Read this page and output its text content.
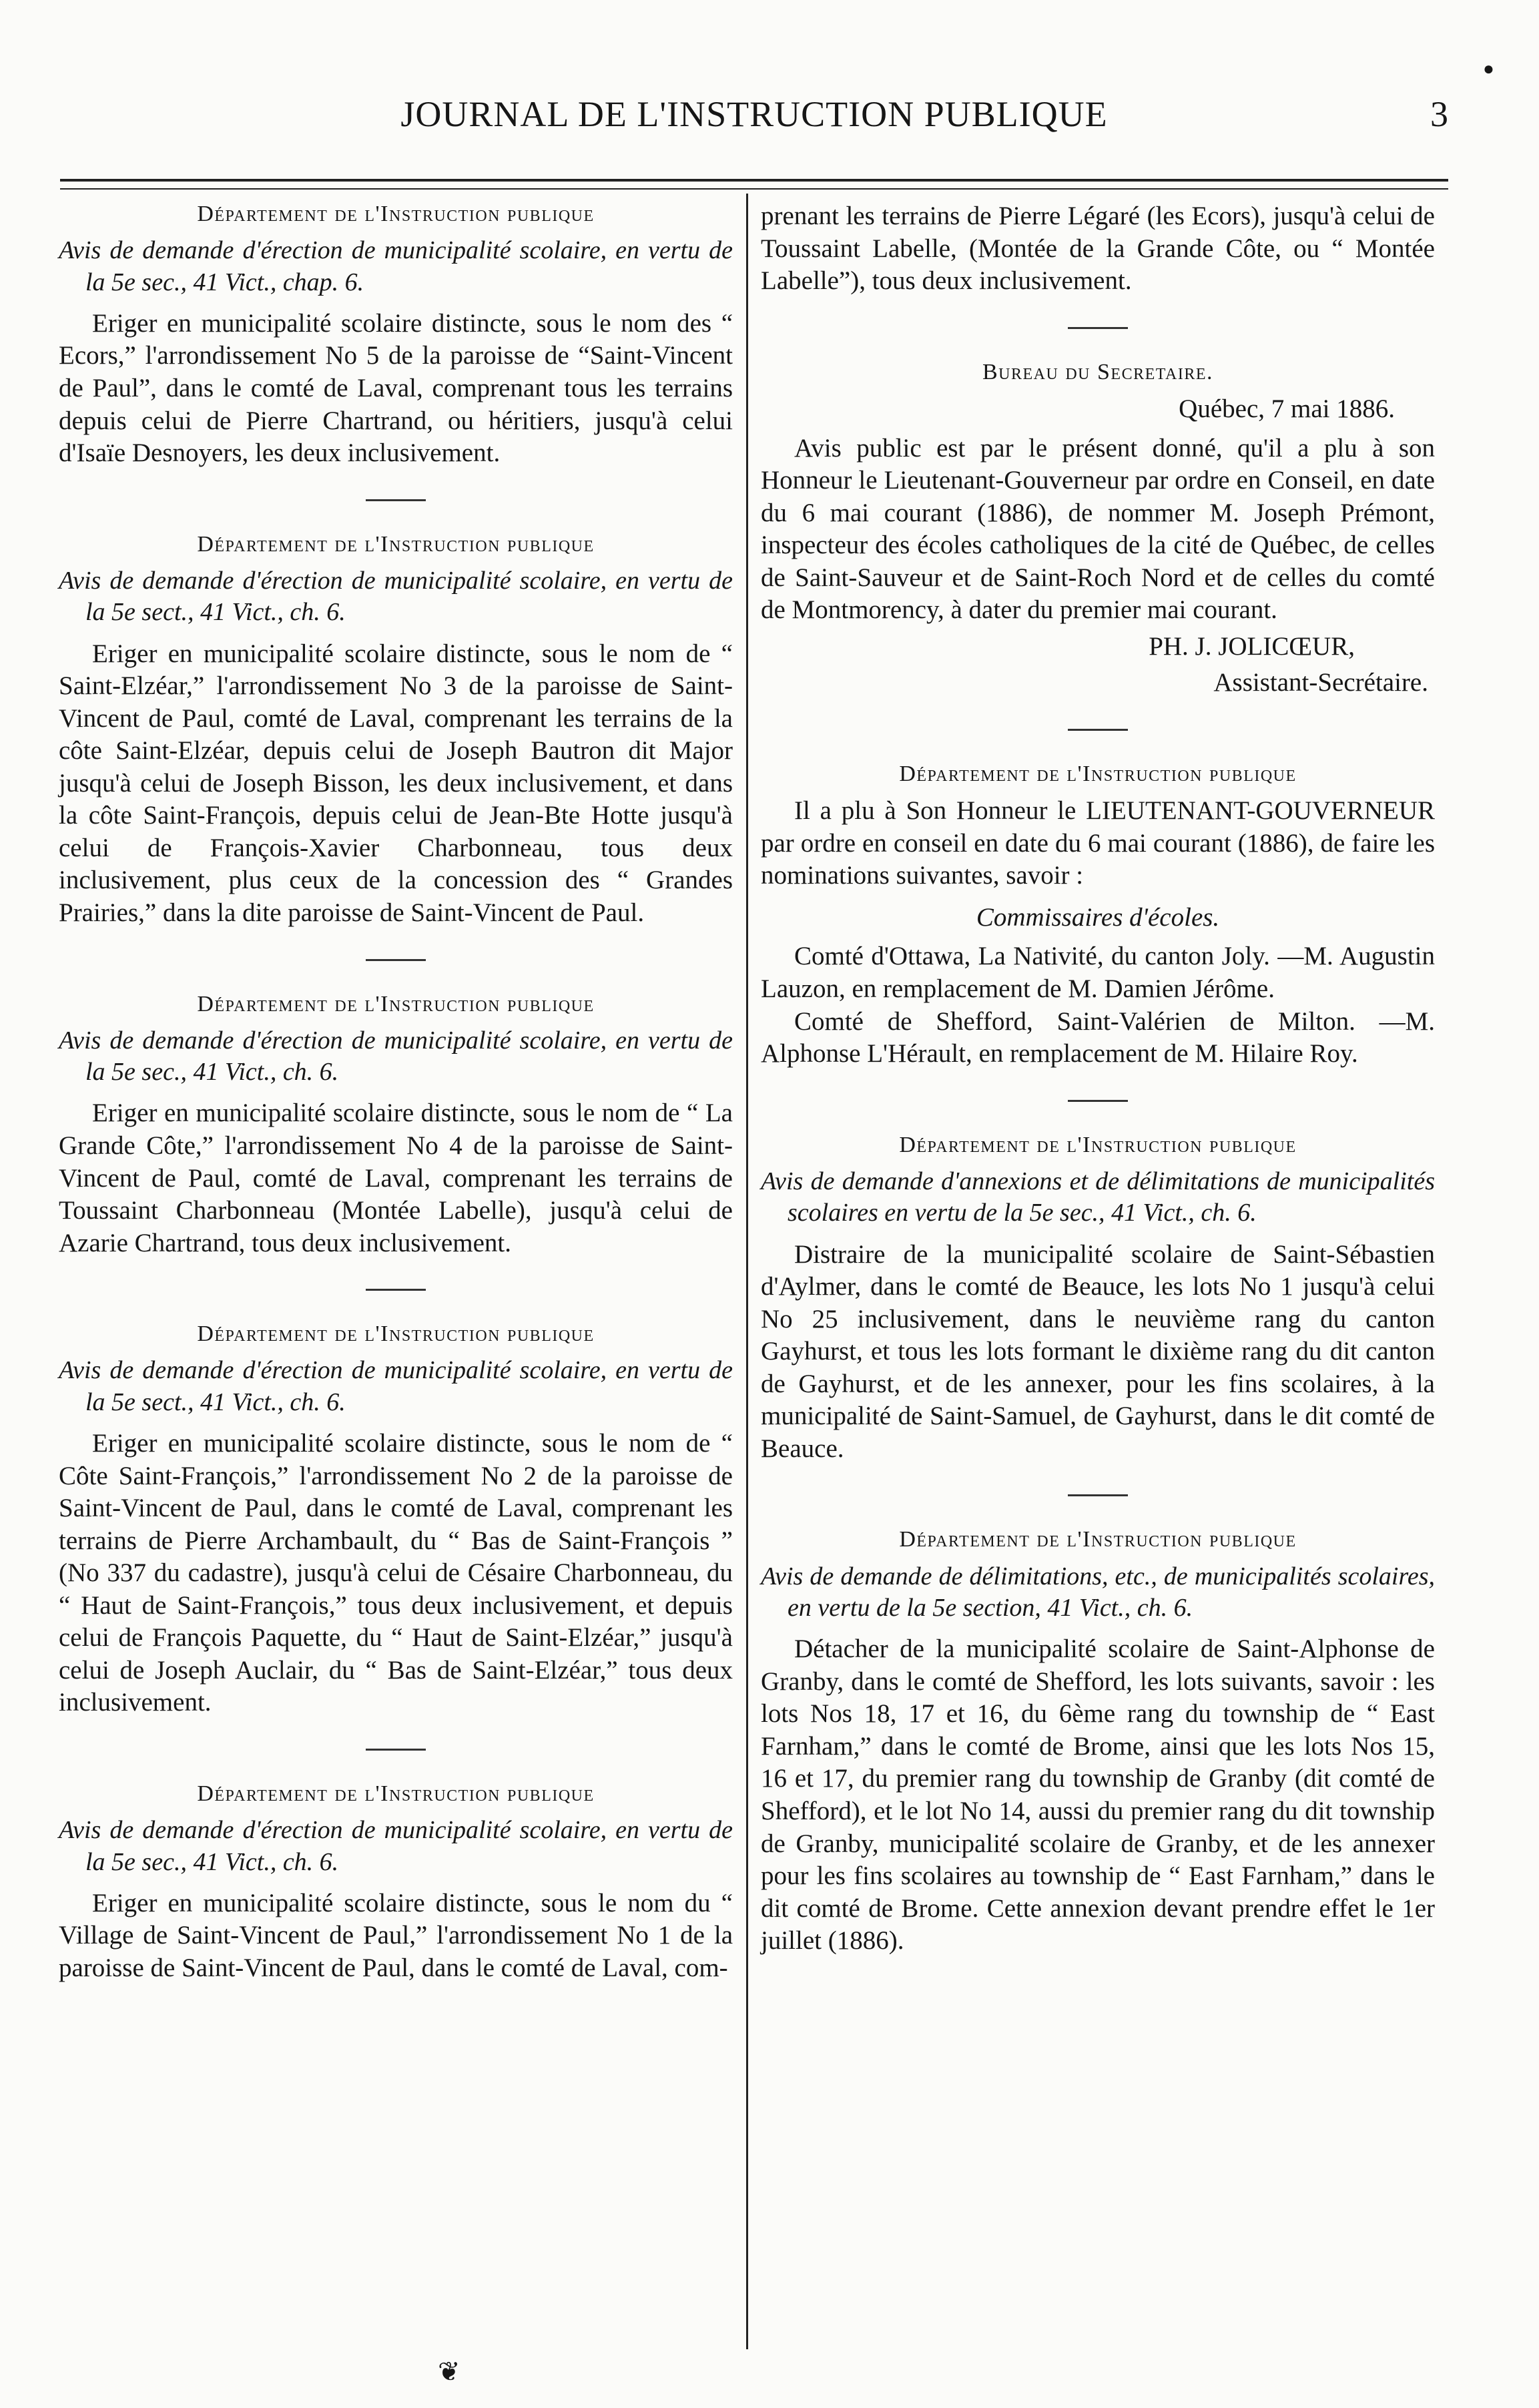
●
JOURNAL DE L'INSTRUCTION PUBLIQUE	3
Département de l'Instruction publique

Avis de demande d'érection de municipalité scolaire, en vertu de la 5e sec., 41 Vict., chap. 6.

Eriger en municipalité scolaire distincte, sous le nom des “ Ecors,” l'arrondissement No 5 de la paroisse de “Saint-Vincent de Paul”, dans le comté de Laval, comprenant tous les terrains depuis celui de Pierre Chartrand, ou héritiers, jusqu'à celui d'Isaïe Desnoyers, les deux inclusivement.

Département de l'Instruction publique

Avis de demande d'érection de municipalité scolaire, en vertu de la 5e sect., 41 Vict., ch. 6.

Eriger en municipalité scolaire distincte, sous le nom de “ Saint-Elzéar,” l'arrondissement No 3 de la paroisse de Saint-Vincent de Paul, comté de Laval, comprenant les terrains de la côte Saint-Elzéar, depuis celui de Joseph Bautron dit Major jusqu'à celui de Joseph Bisson, les deux inclusivement, et dans la côte Saint-François, depuis celui de Jean-Bte Hotte jusqu'à celui de François-Xavier Charbonneau, tous deux inclusivement, plus ceux de la concession des “ Grandes Prairies,” dans la dite paroisse de Saint-Vincent de Paul.

Département de l'Instruction publique

Avis de demande d'érection de municipalité scolaire, en vertu de la 5e sec., 41 Vict., ch. 6.

Eriger en municipalité scolaire distincte, sous le nom de “ La Grande Côte,” l'arrondissement No 4 de la paroisse de Saint-Vincent de Paul, comté de Laval, comprenant les terrains de Toussaint Charbonneau (Montée Labelle), jusqu'à celui de Azarie Chartrand, tous deux inclusivement.

Département de l'Instruction publique

Avis de demande d'érection de municipalité scolaire, en vertu de la 5e sect., 41 Vict., ch. 6.

Eriger en municipalité scolaire distincte, sous le nom de “ Côte Saint-François,” l'arrondissement No 2 de la paroisse de Saint-Vincent de Paul, dans le comté de Laval, comprenant les terrains de Pierre Archambault, du “ Bas de Saint-François ” (No 337 du cadastre), jusqu'à celui de Césaire Charbonneau, du “ Haut de Saint-François,” tous deux inclusivement, et depuis celui de François Paquette, du “ Haut de Saint-Elzéar,” jusqu'à celui de Joseph Auclair, du “ Bas de Saint-Elzéar,” tous deux inclusivement.

Département de l'Instruction publique

Avis de demande d'érection de municipalité scolaire, en vertu de la 5e sec., 41 Vict., ch. 6.

Eriger en municipalité scolaire distincte, sous le nom du “ Village de Saint-Vincent de Paul,” l'arrondissement No 1 de la paroisse de Saint-Vincent de Paul, dans le comté de Laval, com-

prenant les terrains de Pierre Légaré (les Ecors), jusqu'à celui de Toussaint Labelle, (Montée de la Grande Côte, ou “ Montée Labelle”), tous deux inclusivement.

Bureau du Secretaire.

Québec, 7 mai 1886.

Avis public est par le présent donné, qu'il a plu à son Honneur le Lieutenant-Gouverneur par ordre en Conseil, en date du 6 mai courant (1886), de nommer M. Joseph Prémont, inspecteur des écoles catholiques de la cité de Québec, de celles de Saint-Sauveur et de Saint-Roch Nord et de celles du comté de Montmorency, à dater du premier mai courant.

PH. J. JOLICŒUR,

Assistant-Secrétaire.

Département de l'Instruction publique

Il a plu à Son Honneur le LIEUTENANT-GOUVERNEUR par ordre en conseil en date du 6 mai courant (1886), de faire les nominations suivantes, savoir :

Commissaires d'écoles.

Comté d'Ottawa, La Nativité, du canton Joly. —M. Augustin Lauzon, en remplacement de M. Damien Jérôme.

Comté de Shefford, Saint-Valérien de Milton. —M. Alphonse L'Hérault, en remplacement de M. Hilaire Roy.

Département de l'Instruction publique

Avis de demande d'annexions et de délimitations de municipalités scolaires en vertu de la 5e sec., 41 Vict., ch. 6.

Distraire de la municipalité scolaire de Saint-Sébastien d'Aylmer, dans le comté de Beauce, les lots No 1 jusqu'à celui No 25 inclusivement, dans le neuvième rang du canton Gayhurst, et tous les lots formant le dixième rang du dit canton de Gayhurst, et de les annexer, pour les fins scolaires, à la municipalité de Saint-Samuel, de Gayhurst, dans le dit comté de Beauce.

Département de l'Instruction publique

Avis de demande de délimitations, etc., de municipalités scolaires, en vertu de la 5e section, 41 Vict., ch. 6.

Détacher de la municipalité scolaire de Saint-Alphonse de Granby, dans le comté de Shefford, les lots suivants, savoir : les lots Nos 18, 17 et 16, du 6ème rang du township de “ East Farnham,” dans le comté de Brome, ainsi que les lots Nos 15, 16 et 17, du premier rang du township de Granby (dit comté de Shefford), et le lot No 14, aussi du premier rang du dit township de Granby, municipalité scolaire de Granby, et de les annexer pour les fins scolaires au township de “ East Farnham,” dans le dit comté de Brome. Cette annexion devant prendre effet le 1er juillet (1886).

❦
